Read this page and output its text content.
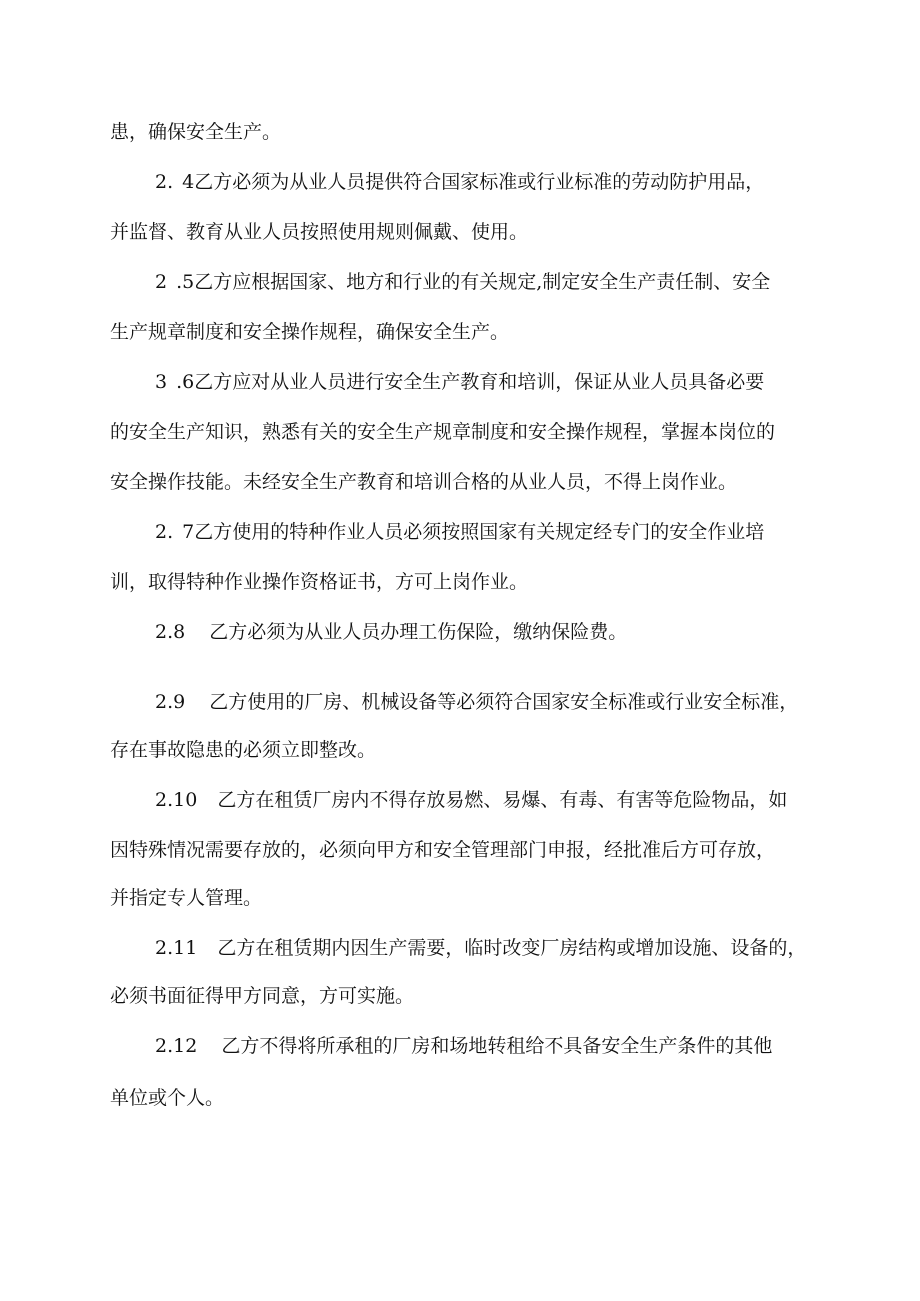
患，确保安全生产。
2. 4乙方必须为从业人员提供符合国家标准或行业标准的劳动防护用品，
并监督、教育从业人员按照使用规则佩戴、使用。
2 .5乙方应根据国家、地方和行业的有关规定,制定安全生产责任制、安全
生产规章制度和安全操作规程，确保安全生产。
3 .6乙方应对从业人员进行安全生产教育和培训，保证从业人员具备必要
的安全生产知识，熟悉有关的安全生产规章制度和安全操作规程，掌握本岗位的
安全操作技能。未经安全生产教育和培训合格的从业人员，不得上岗作业。
2. 7乙方使用的特种作业人员必须按照国家有关规定经专门的安全作业培
训，取得特种作业操作资格证书，方可上岗作业。
2.8 乙方必须为从业人员办理工伤保险，缴纳保险费。
2.9 乙方使用的厂房、机械设备等必须符合国家安全标准或行业安全标准，
存在事故隐患的必须立即整改。
2.10 乙方在租赁厂房内不得存放易燃、易爆、有毒、有害等危险物品，如
因特殊情况需要存放的，必须向甲方和安全管理部门申报，经批准后方可存放，
并指定专人管理。
2.11 乙方在租赁期内因生产需要，临时改变厂房结构或增加设施、设备的，
必须书面征得甲方同意，方可实施。
2.12 乙方不得将所承租的厂房和场地转租给不具备安全生产条件的其他
单位或个人。
